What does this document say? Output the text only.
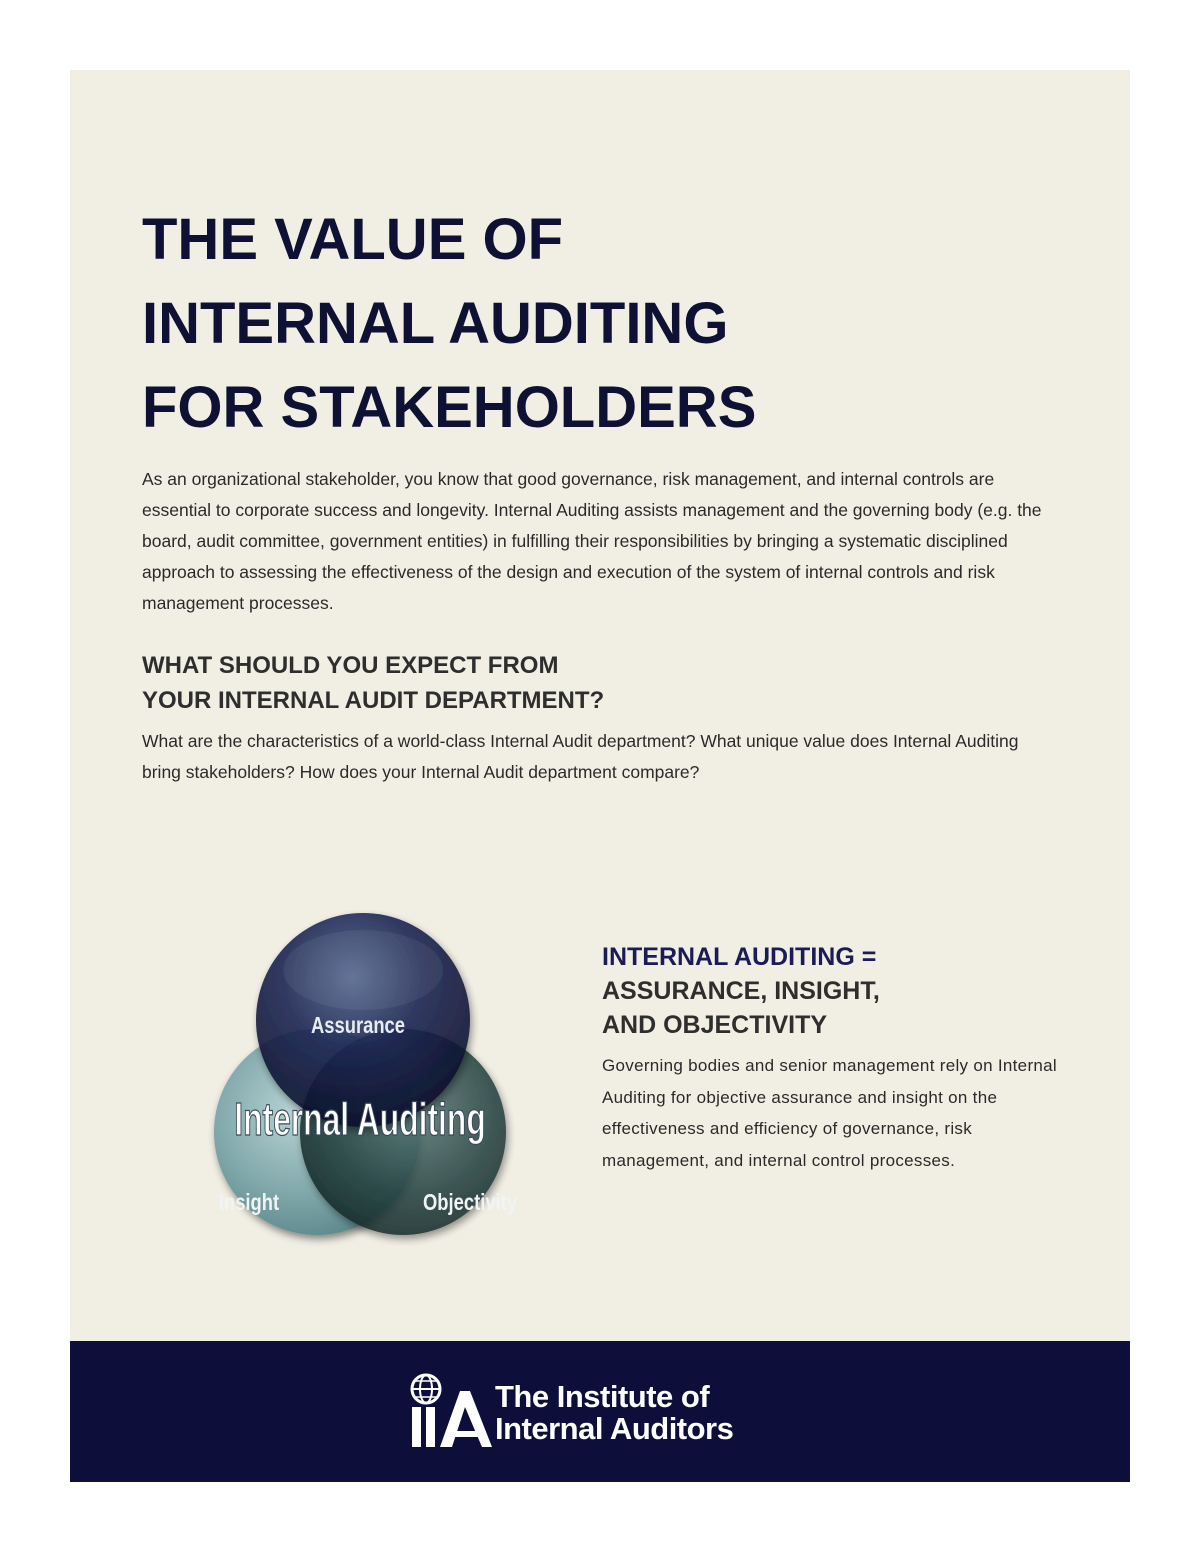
THE VALUE OF
INTERNAL AUDITING
FOR STAKEHOLDERS

As an organizational stakeholder, you know that good governance, risk management, and internal controls are essential to corporate success and longevity. Internal Auditing assists management and the governing body (e.g. the board, audit committee, government entities) in fulfilling their responsibilities by bringing a systematic disciplined approach to assessing the effectiveness of the design and execution of the system of internal controls and risk management processes.

WHAT SHOULD YOU EXPECT FROM
YOUR INTERNAL AUDIT DEPARTMENT?

What are the characteristics of a world-class Internal Audit department? What unique value does Internal Auditing bring stakeholders? How does your Internal Audit department compare?

Assurance
Internal Auditing
Insight	Objectivity
INTERNAL AUDITING =
ASSURANCE, INSIGHT,
AND OBJECTIVITY

Governing bodies and senior management rely on Internal Auditing for objective assurance and insight on the effectiveness and efficiency of governance, risk management, and internal control processes.

The Institute of
Internal Auditors
